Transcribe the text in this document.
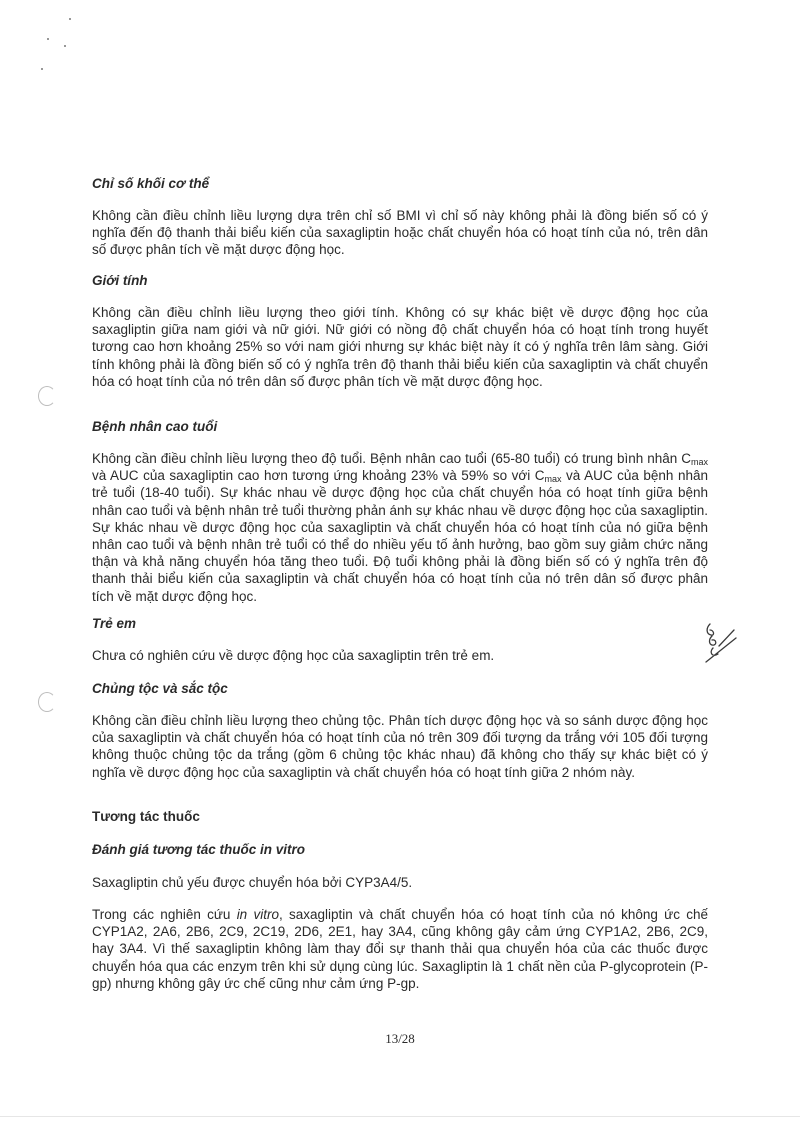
Chỉ số khối cơ thể

Không cần điều chỉnh liều lượng dựa trên chỉ số BMI vì chỉ số này không phải là đồng biến số có ý nghĩa đến độ thanh thải biểu kiến của saxagliptin hoặc chất chuyển hóa có hoạt tính của nó, trên dân số được phân tích về mặt dược động học.

Giới tính

Không cần điều chỉnh liều lượng theo giới tính. Không có sự khác biệt về dược động học của saxagliptin giữa nam giới và nữ giới. Nữ giới có nồng độ chất chuyển hóa có hoạt tính trong huyết tương cao hơn khoảng 25% so với nam giới nhưng sự khác biệt này ít có ý nghĩa trên lâm sàng. Giới tính không phải là đồng biến số có ý nghĩa trên độ thanh thải biểu kiến của saxagliptin và chất chuyển hóa có hoạt tính của nó trên dân số được phân tích về mặt dược động học.

Bệnh nhân cao tuổi

Không cần điều chỉnh liều lượng theo độ tuổi. Bệnh nhân cao tuổi (65-80 tuổi) có trung bình nhân $C_{max}$ và AUC của saxagliptin cao hơn tương ứng khoảng 23% và 59% so với $C_{max}$ và AUC của bệnh nhân trẻ tuổi (18-40 tuổi). Sự khác nhau về dược động học của chất chuyển hóa có hoạt tính giữa bệnh nhân cao tuổi và bệnh nhân trẻ tuổi thường phản ánh sự khác nhau về dược động học của saxagliptin. Sự khác nhau về dược động học của saxagliptin và chất chuyển hóa có hoạt tính của nó giữa bệnh nhân cao tuổi và bệnh nhân trẻ tuổi có thể do nhiều yếu tố ảnh hưởng, bao gồm suy giảm chức năng thận và khả năng chuyển hóa tăng theo tuổi. Độ tuổi không phải là đồng biến số có ý nghĩa trên độ thanh thải biểu kiến của saxagliptin và chất chuyển hóa có hoạt tính của nó trên dân số được phân tích về mặt dược động học.

Trẻ em

Chưa có nghiên cứu về dược động học của saxagliptin trên trẻ em.

Chủng tộc và sắc tộc

Không cần điều chỉnh liều lượng theo chủng tộc. Phân tích dược động học và so sánh dược động học của saxagliptin và chất chuyển hóa có hoạt tính của nó trên 309 đối tượng da trắng với 105 đối tượng không thuộc chủng tộc da trắng (gồm 6 chủng tộc khác nhau) đã không cho thấy sự khác biệt có ý nghĩa về dược động học của saxagliptin và chất chuyển hóa có hoạt tính giữa 2 nhóm này.

Tương tác thuốc
Đánh giá tương tác thuốc in vitro

Saxagliptin chủ yếu được chuyển hóa bởi CYP3A4/5.

Trong các nghiên cứu in vitro, saxagliptin và chất chuyển hóa có hoạt tính của nó không ức chế CYP1A2, 2A6, 2B6, 2C9, 2C19, 2D6, 2E1, hay 3A4, cũng không gây cảm ứng CYP1A2, 2B6, 2C9, hay 3A4. Vì thế saxagliptin không làm thay đổi sự thanh thải qua chuyển hóa của các thuốc được chuyển hóa qua các enzym trên khi sử dụng cùng lúc. Saxagliptin là 1 chất nền của P-glycoprotein (P-gp) nhưng không gây ức chế cũng như cảm ứng P-gp.

13/28
